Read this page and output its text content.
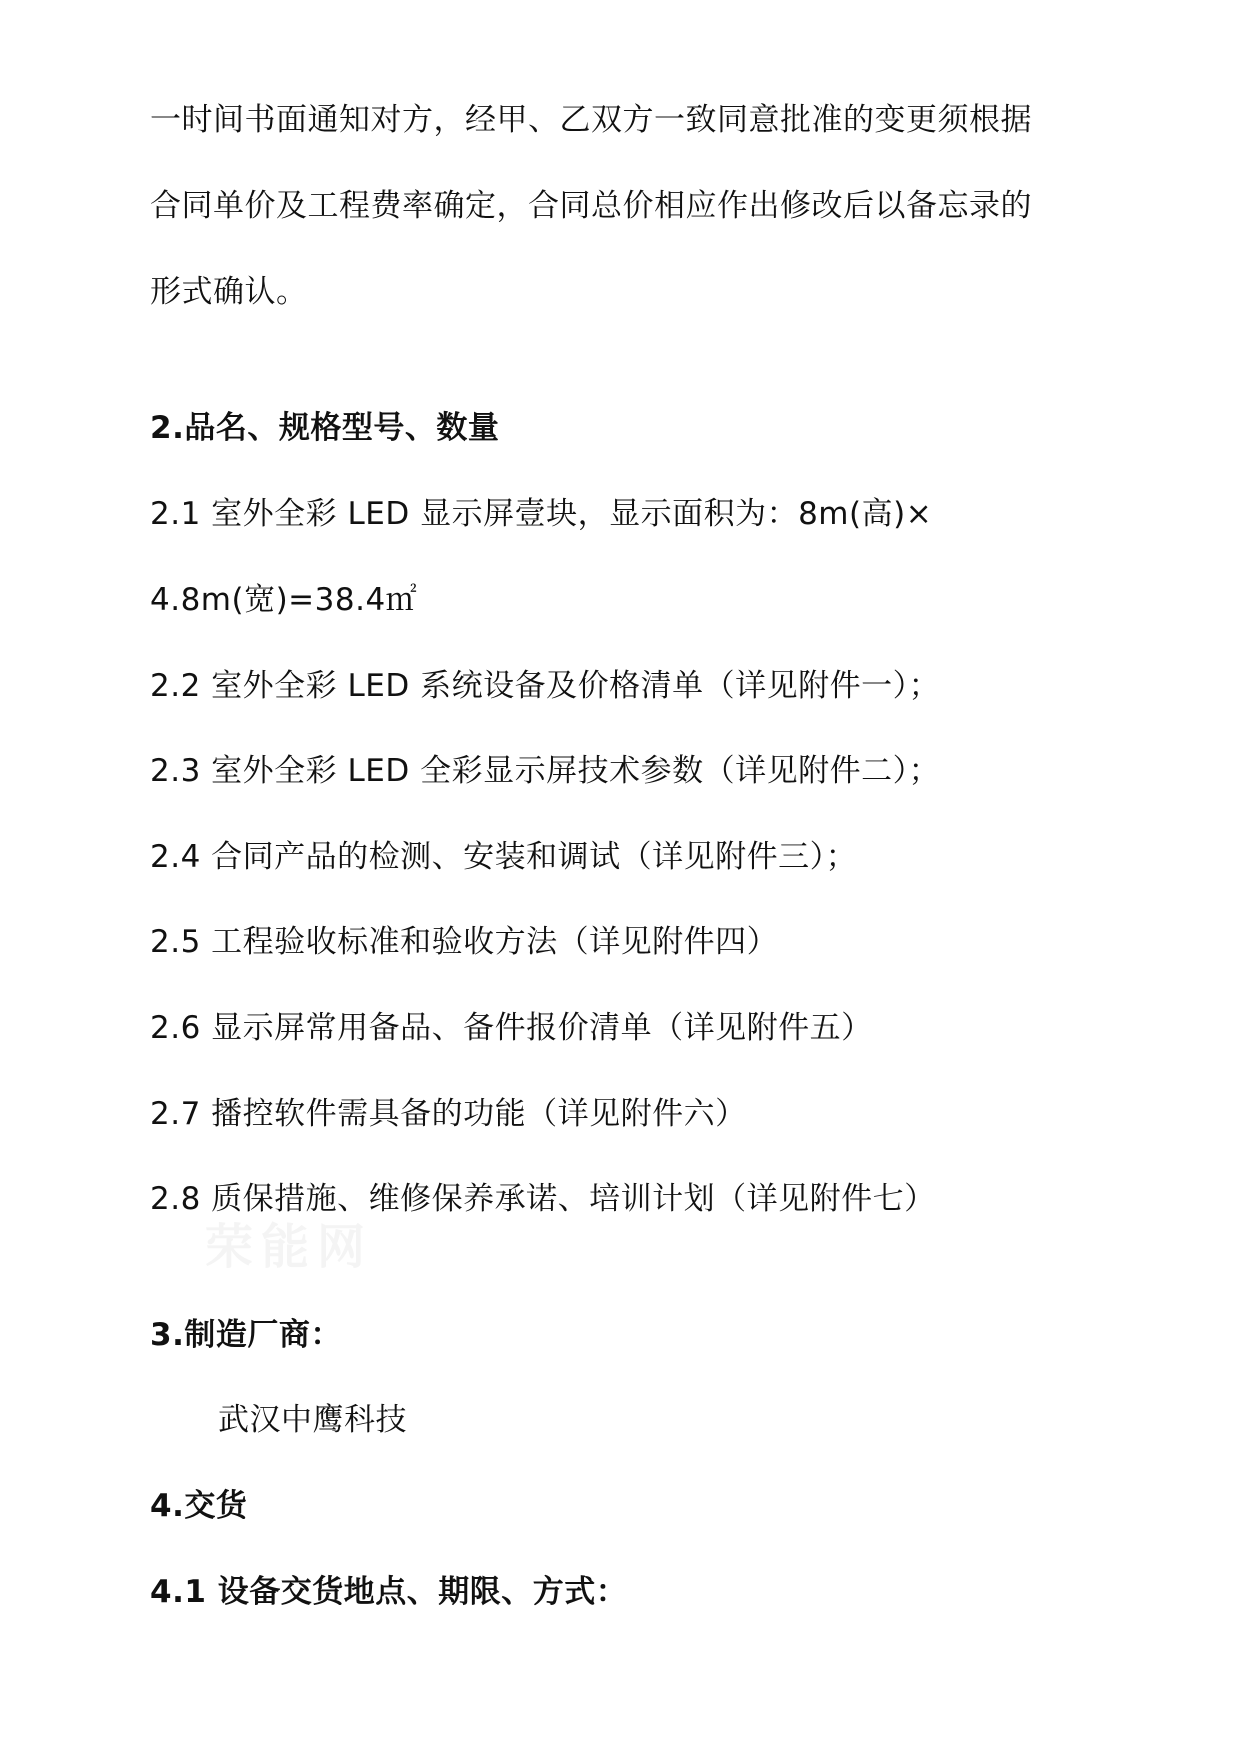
荣能网
一时间书面通知对方，经甲、乙双方一致同意批准的变更须根据
合同单价及工程费率确定，合同总价相应作出修改后以备忘录的
形式确认。
2.品名、规格型号、数量
2.1 室外全彩 LED 显示屏壹块，显示面积为：8m(高)×
4.8m(宽)=38.4㎡
2.2 室外全彩 LED 系统设备及价格清单（详见附件一）；
2.3 室外全彩 LED 全彩显示屏技术参数（详见附件二）；
2.4 合同产品的检测、安装和调试（详见附件三）；
2.5 工程验收标准和验收方法（详见附件四）
2.6 显示屏常用备品、备件报价清单（详见附件五）
2.7 播控软件需具备的功能（详见附件六）
2.8 质保措施、维修保养承诺、培训计划（详见附件七）
3.制造厂商：
武汉中鹰科技
4.交货
4.1 设备交货地点、期限、方式：
